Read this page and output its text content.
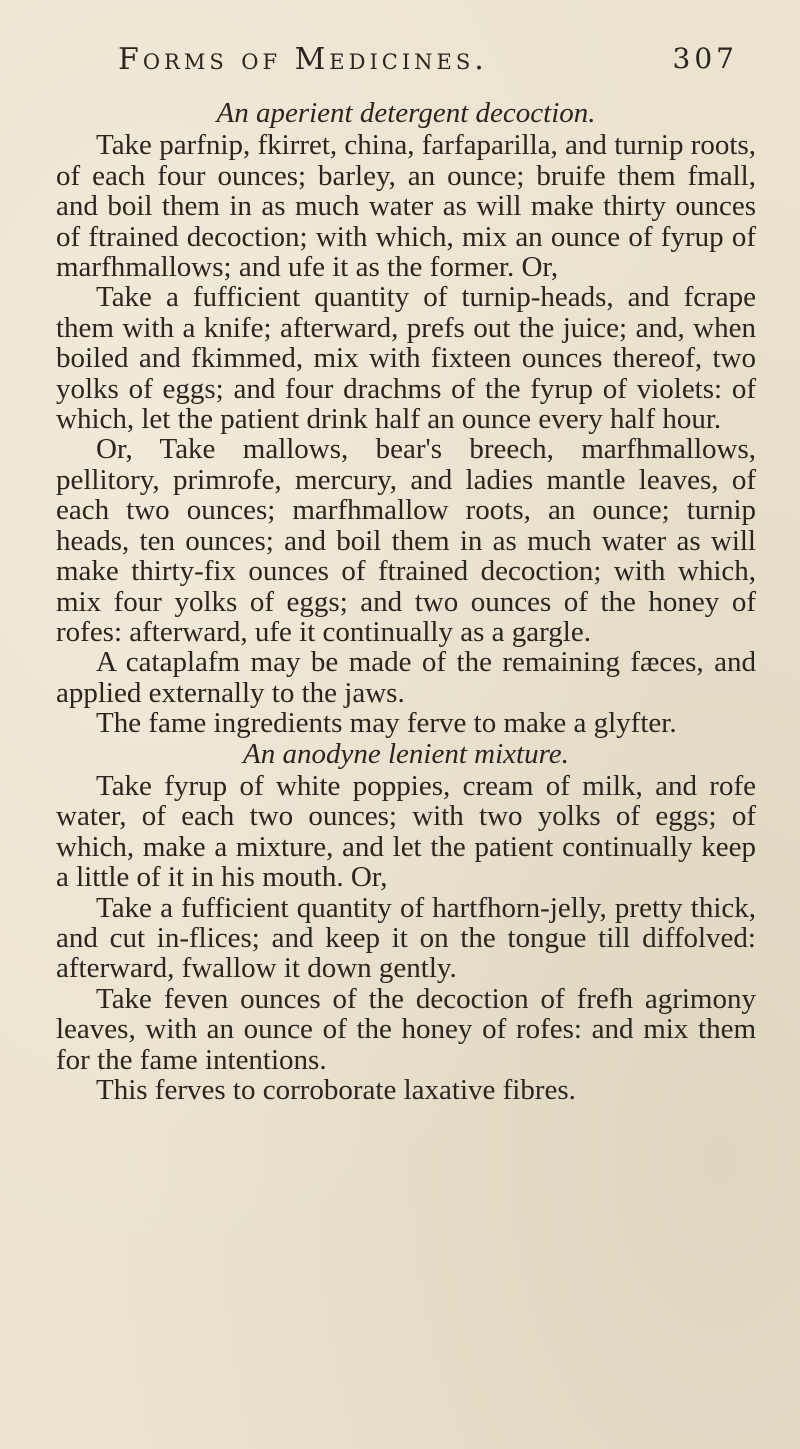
Forms of Medicines.	307
An aperient detergent decoction.

Take parfnip, fkirret, china, farfaparilla, and turnip roots, of each four ounces; barley, an ounce; bruife them fmall, and boil them in as much water as will make thirty ounces of ftrained decoction; with which, mix an ounce of fyrup of marfhmallows; and ufe it as the former. Or,

Take a fufficient quantity of turnip-heads, and fcrape them with a knife; afterward, prefs out the juice; and, when boiled and fkimmed, mix with fixteen ounces thereof, two yolks of eggs; and four drachms of the fyrup of violets: of which, let the patient drink half an ounce every half hour.

Or, Take mallows, bear's breech, marfhmallows, pellitory, primrofe, mercury, and ladies mantle leaves, of each two ounces; marfhmallow roots, an ounce; turnip heads, ten ounces; and boil them in as much water as will make thirty-fix ounces of ftrained decoction; with which, mix four yolks of eggs; and two ounces of the honey of rofes: afterward, ufe it continually as a gargle.

A cataplafm may be made of the remaining fæces, and applied externally to the jaws.

The fame ingredients may ferve to make a glyfter.

An anodyne lenient mixture.

Take fyrup of white poppies, cream of milk, and rofe water, of each two ounces; with two yolks of eggs; of which, make a mixture, and let the patient continually keep a little of it in his mouth. Or,

Take a fufficient quantity of hartfhorn-jelly, pretty thick, and cut in-flices; and keep it on the tongue till diffolved: afterward, fwallow it down gently.

Take feven ounces of the decoction of frefh agrimony leaves, with an ounce of the honey of rofes: and mix them for the fame intentions.

This ferves to corroborate laxative fibres.
